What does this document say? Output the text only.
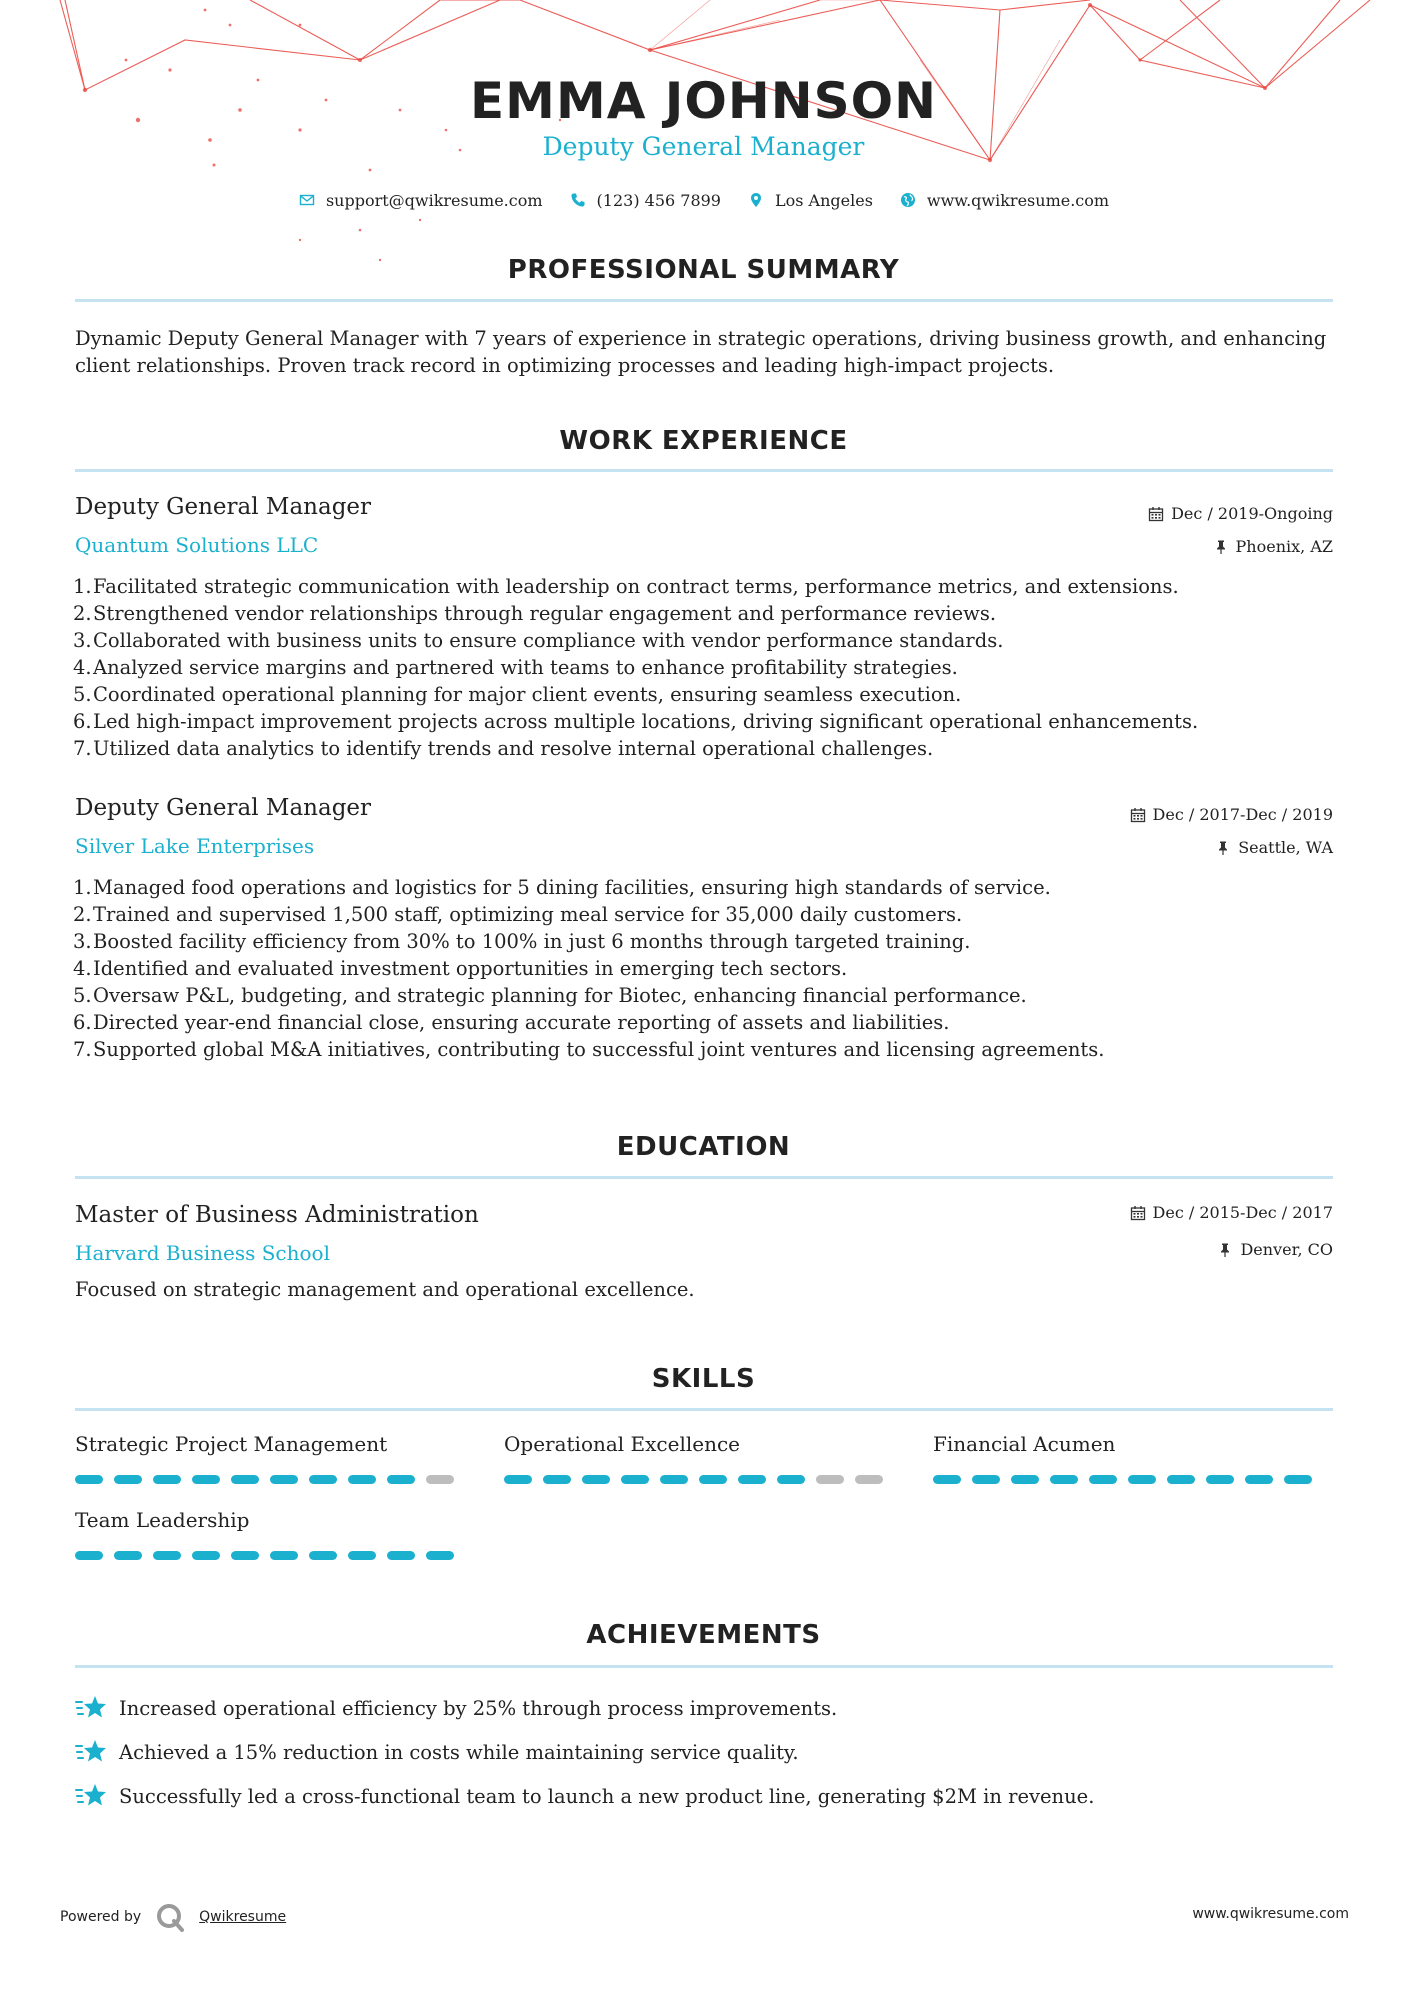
EMMA JOHNSON
Deputy General Manager
support@qwikresume.com	(123) 456 7899	Los Angeles	www.qwikresume.com
PROFESSIONAL SUMMARY
Dynamic Deputy General Manager with 7 years of experience in strategic operations, driving business growth, and enhancing client relationships. Proven track record in optimizing processes and leading high-impact projects.
WORK EXPERIENCE
Deputy General Manager
Quantum Solutions LLC
Dec / 2019-Ongoing
Phoenix, AZ
1.Facilitated strategic communication with leadership on contract terms, performance metrics, and extensions.
2.Strengthened vendor relationships through regular engagement and performance reviews.
3.Collaborated with business units to ensure compliance with vendor performance standards.
4.Analyzed service margins and partnered with teams to enhance profitability strategies.
5.Coordinated operational planning for major client events, ensuring seamless execution.
6.Led high-impact improvement projects across multiple locations, driving significant operational enhancements.
7.Utilized data analytics to identify trends and resolve internal operational challenges.
Deputy General Manager
Silver Lake Enterprises
Dec / 2017-Dec / 2019
Seattle, WA
1.Managed food operations and logistics for 5 dining facilities, ensuring high standards of service.
2.Trained and supervised 1,500 staff, optimizing meal service for 35,000 daily customers.
3.Boosted facility efficiency from 30% to 100% in just 6 months through targeted training.
4.Identified and evaluated investment opportunities in emerging tech sectors.
5.Oversaw P&L, budgeting, and strategic planning for Biotec, enhancing financial performance.
6.Directed year-end financial close, ensuring accurate reporting of assets and liabilities.
7.Supported global M&A initiatives, contributing to successful joint ventures and licensing agreements.
EDUCATION
Master of Business Administration
Harvard Business School
Dec / 2015-Dec / 2017
Denver, CO
Focused on strategic management and operational excellence.
SKILLS
Strategic Project Management	Operational Excellence	Financial Acumen
Team Leadership
ACHIEVEMENTS
Increased operational efficiency by 25% through process improvements.
Achieved a 15% reduction in costs while maintaining service quality.
Successfully led a cross-functional team to launch a new product line, generating $2M in revenue.
Powered by	Qwikresume	www.qwikresume.com
